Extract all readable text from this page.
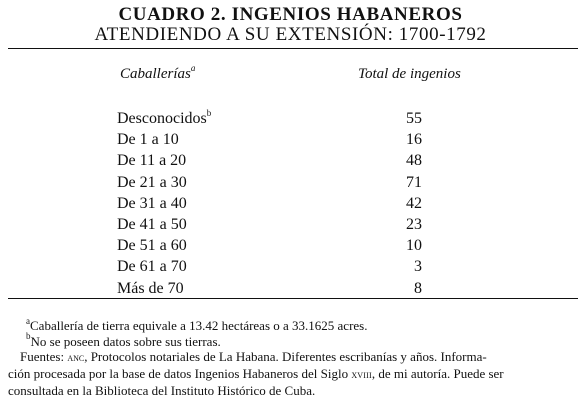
CUADRO 2. INGENIOS HABANEROS
ATENDIENDO A SU EXTENSIÓN: 1700-1792
Caballerías$^a$	Total de ingenios
Desconocidos$^b$	55
De 1 a 10	16
De 11 a 20	48
De 21 a 30	71
De 31 a 40	42
De 41 a 50	23
De 51 a 60	10
De 61 a 70	3
Más de 70	8

$^a$Caballería de tierra equivale a 13.42 hectáreas o a 33.1625 acres.

$^b$No se poseen datos sobre sus tierras.

Fuentes: anc, Protocolos notariales de La Habana. Diferentes escribanías y años. Informa-

ción procesada por la base de datos Ingenios Habaneros del Siglo xviii, de mi autoría. Puede ser

consultada en la Biblioteca del Instituto Histórico de Cuba.
